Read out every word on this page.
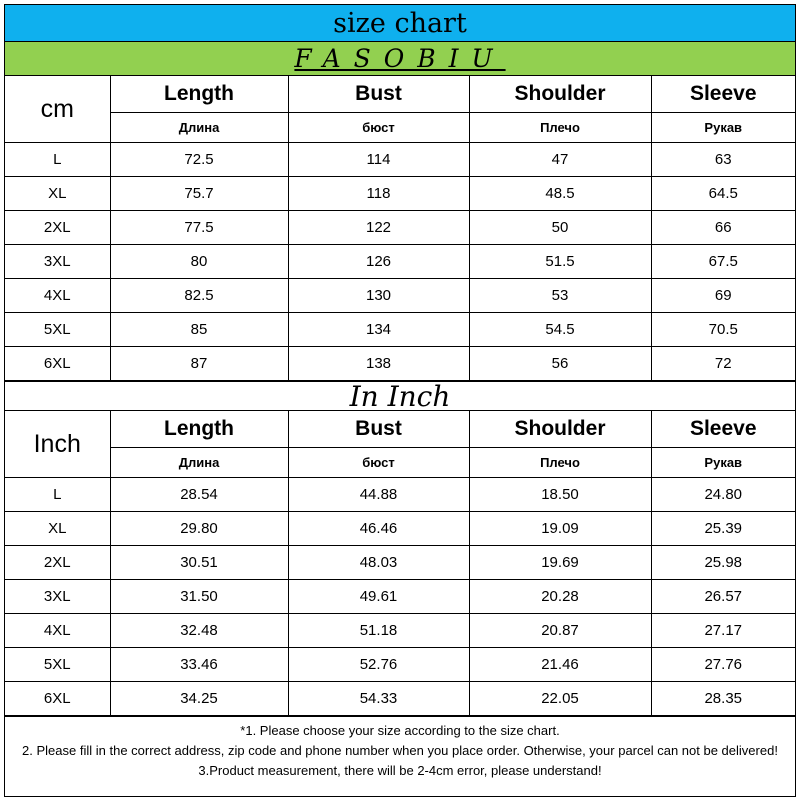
size chart
FASOBIU
cm	Length	Bust	Shoulder	Sleeve
	Длина	бюст	Плечо	Рукав
L	72.5	114	47	63
XL	75.7	118	48.5	64.5
2XL	77.5	122	50	66
3XL	80	126	51.5	67.5
4XL	82.5	130	53	69
5XL	85	134	54.5	70.5
6XL	87	138	56	72
In Inch
Inch	Length	Bust	Shoulder	Sleeve
	Длина	бюст	Плечо	Рукав
L	28.54	44.88	18.50	24.80
XL	29.80	46.46	19.09	25.39
2XL	30.51	48.03	19.69	25.98
3XL	31.50	49.61	20.28	26.57
4XL	32.48	51.18	20.87	27.17
5XL	33.46	52.76	21.46	27.76
6XL	34.25	54.33	22.05	28.35
*1. Please choose your size according to the size chart.
2. Please fill in the correct address, zip code and phone number when you place order. Otherwise, your parcel can not be delivered!
3.Product measurement, there will be 2-4cm error, please understand!
